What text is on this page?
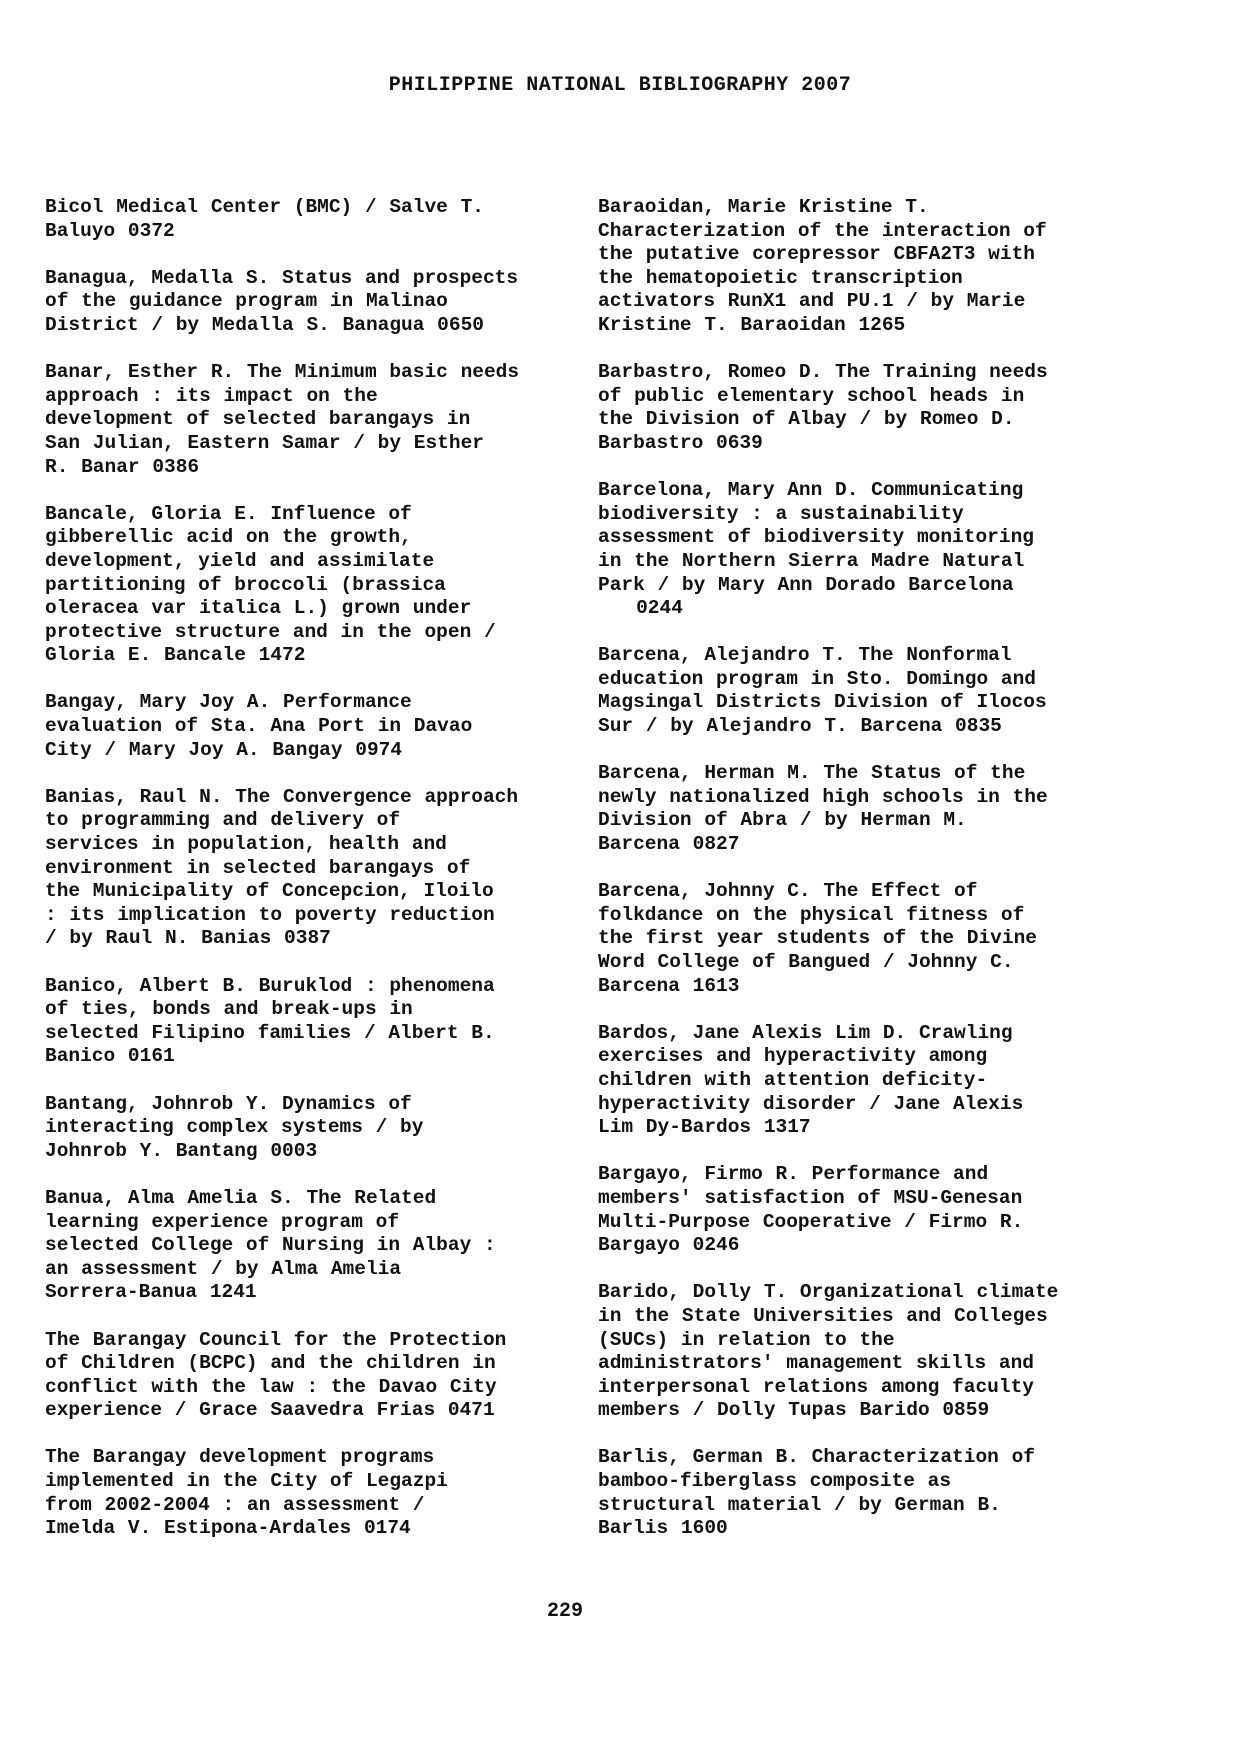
PHILIPPINE NATIONAL BIBLIOGRAPHY 2007
Bicol Medical Center (BMC) / Salve T.
Baluyo 0372
Banagua, Medalla S. Status and prospects
of the guidance program in Malinao
District / by Medalla S. Banagua 0650
Banar, Esther R. The Minimum basic needs
approach : its impact on the
development of selected barangays in
San Julian, Eastern Samar / by Esther
R. Banar 0386
Bancale, Gloria E. Influence of
gibberellic acid on the growth,
development, yield and assimilate
partitioning of broccoli (brassica
oleracea var italica L.) grown under
protective structure and in the open /
Gloria E. Bancale 1472
Bangay, Mary Joy A. Performance
evaluation of Sta. Ana Port in Davao
City / Mary Joy A. Bangay 0974
Banias, Raul N. The Convergence approach
to programming and delivery of
services in population, health and
environment in selected barangays of
the Municipality of Concepcion, Iloilo
: its implication to poverty reduction
/ by Raul N. Banias 0387
Banico, Albert B. Buruklod : phenomena
of ties, bonds and break-ups in
selected Filipino families / Albert B.
Banico 0161
Bantang, Johnrob Y. Dynamics of
interacting complex systems / by
Johnrob Y. Bantang 0003
Banua, Alma Amelia S. The Related
learning experience program of
selected College of Nursing in Albay :
an assessment / by Alma Amelia
Sorrera-Banua 1241
The Barangay Council for the Protection
of Children (BCPC) and the children in
conflict with the law : the Davao City
experience / Grace Saavedra Frias 0471
The Barangay development programs
implemented in the City of Legazpi
from 2002-2004 : an assessment /
Imelda V. Estipona-Ardales 0174
Baraoidan, Marie Kristine T.
Characterization of the interaction of
the putative corepressor CBFA2T3 with
the hematopoietic transcription
activators RunX1 and PU.1 / by Marie
Kristine T. Baraoidan 1265
Barbastro, Romeo D. The Training needs
of public elementary school heads in
the Division of Albay / by Romeo D.
Barbastro 0639
Barcelona, Mary Ann D. Communicating
biodiversity : a sustainability
assessment of biodiversity monitoring
in the Northern Sierra Madre Natural
Park / by Mary Ann Dorado Barcelona
0244
Barcena, Alejandro T. The Nonformal
education program in Sto. Domingo and
Magsingal Districts Division of Ilocos
Sur / by Alejandro T. Barcena 0835
Barcena, Herman M. The Status of the
newly nationalized high schools in the
Division of Abra / by Herman M.
Barcena 0827
Barcena, Johnny C. The Effect of
folkdance on the physical fitness of
the first year students of the Divine
Word College of Bangued / Johnny C.
Barcena 1613
Bardos, Jane Alexis Lim D. Crawling
exercises and hyperactivity among
children with attention deficity-
hyperactivity disorder / Jane Alexis
Lim Dy-Bardos 1317
Bargayo, Firmo R. Performance and
members' satisfaction of MSU-Genesan
Multi-Purpose Cooperative / Firmo R.
Bargayo 0246
Barido, Dolly T. Organizational climate
in the State Universities and Colleges
(SUCs) in relation to the
administrators' management skills and
interpersonal relations among faculty
members / Dolly Tupas Barido 0859
Barlis, German B. Characterization of
bamboo-fiberglass composite as
structural material / by German B.
Barlis 1600
229
